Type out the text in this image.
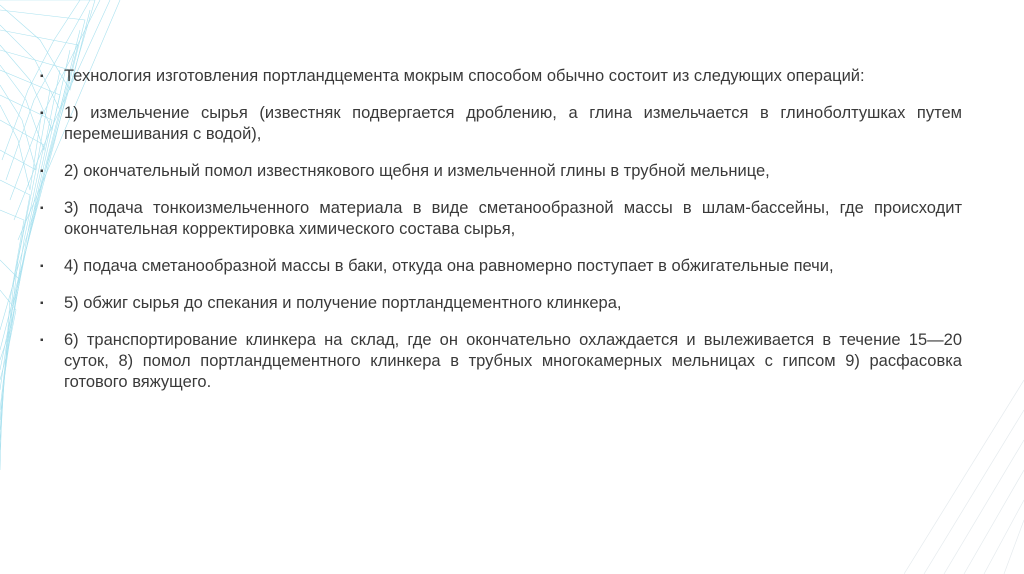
▪ Технология изготовления портландцемента мокрым способом обычно состоит из следующих операций:
▪ 1) измельчение сырья (известняк подвергается дроблению, а глина измельчается в глиноболтушках путем перемешивания с водой),
▪ 2) окончательный помол известнякового щебня и измельченной глины в трубной мельнице,
▪ 3) подача тонкоизмельченного материала в виде сметанообразной массы в шлам-бассейны, где происходит окончательная корректировка химического состава сырья,
▪ 4) подача сметанообразной массы в баки, откуда она равномерно поступает в обжигательные печи,
▪ 5) обжиг сырья до спекания и получение портландцементного клинкера,
▪ 6) транспортирование клинкера на склад, где он окончательно охлаждается и вылеживается в течение 15—20 суток, 8) помол портландцементного клинкера в трубных многокамерных мельницах с гипсом 9) расфасовка готового вяжущего.
